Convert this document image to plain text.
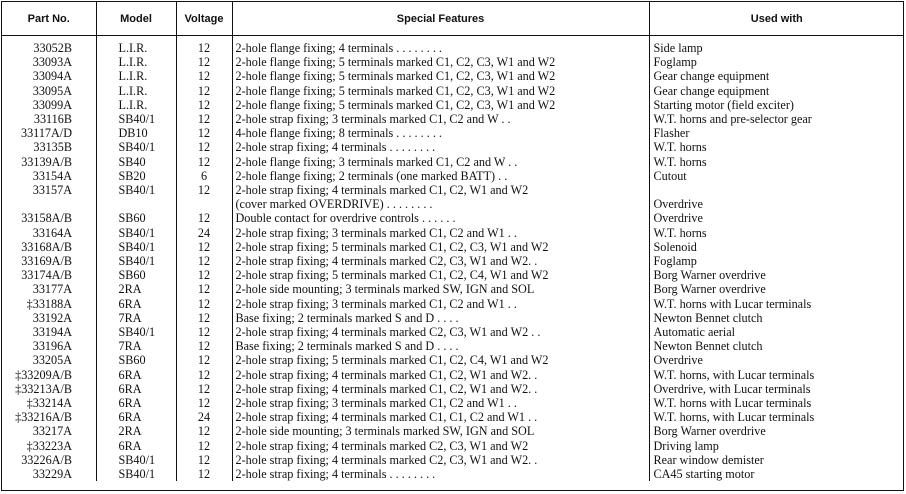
Part No.	Model	Voltage	Special Features	Used with
33052B	L.I.R.	12	2-hole flange fixing; 4 terminals . . . . . . . .	Side lamp
33093A	L.I.R.	12	2-hole flange fixing; 5 terminals marked C1, C2, C3, W1 and W2	Foglamp
33094A	L.I.R.	12	2-hole flange fixing; 5 terminals marked C1, C2, C3, W1 and W2	Gear change equipment
33095A	L.I.R.	12	2-hole flange fixing; 5 terminals marked C1, C2, C3, W1 and W2	Gear change equipment
33099A	L.I.R.	12	2-hole flange fixing; 5 terminals marked C1, C2, C3, W1 and W2	Starting motor (field exciter)
33116B	SB40/1	12	2-hole strap fixing; 3 terminals marked C1, C2 and W . .	W.T. horns and pre-selector gear
33117A/D	DB10	12	4-hole flange fixing; 8 terminals . . . . . . . .	Flasher
33135B	SB40/1	12	2-hole strap fixing; 4 terminals . . . . . . . .	W.T. horns
33139A/B	SB40	12	2-hole flange fixing; 3 terminals marked C1, C2 and W . .	W.T. horns
33154A	SB20	6	2-hole flange fixing; 2 terminals (one marked BATT) . .	Cutout
33157A	SB40/1	12	2-hole strap fixing; 4 terminals marked C1, C2, W1 and W2	
			(cover marked OVERDRIVE) . . . . . . . .	Overdrive
33158A/B	SB60	12	Double contact for overdrive controls . . . . . .	Overdrive
33164A	SB40/1	24	2-hole strap fixing; 3 terminals marked C1, C2 and W1 . .	W.T. horns
33168A/B	SB40/1	12	2-hole strap fixing; 5 terminals marked C1, C2, C3, W1 and W2	Solenoid
33169A/B	SB40/1	12	2-hole strap fixing; 4 terminals marked C2, C3, W1 and W2. .	Foglamp
33174A/B	SB60	12	2-hole strap fixing; 5 terminals marked C1, C2, C4, W1 and W2	Borg Warner overdrive
33177A	2RA	12	2-hole side mounting; 3 terminals marked SW, IGN and SOL	Borg Warner overdrive
‡33188A	6RA	12	2-hole strap fixing; 3 terminals marked C1, C2 and W1 . .	W.T. horns with Lucar terminals
33192A	7RA	12	Base fixing; 2 terminals marked S and D . . . .	Newton Bennet clutch
33194A	SB40/1	12	2-hole strap fixing; 4 terminals marked C2, C3, W1 and W2 . .	Automatic aerial
33196A	7RA	12	Base fixing; 2 terminals marked S and D . . . .	Newton Bennet clutch
33205A	SB60	12	2-hole strap fixing; 5 terminals marked C1, C2, C4, W1 and W2	Overdrive
‡33209A/B	6RA	12	2-hole strap fixing; 4 terminals marked C1, C2, W1 and W2. .	W.T. horns, with Lucar terminals
‡33213A/B	6RA	12	2-hole strap fixing; 4 terminals marked C1, C2, W1 and W2. .	Overdrive, with Lucar terminals
‡33214A	6RA	12	2-hole strap fixing; 3 terminals marked C1, C2 and W1 . .	W.T. horns with Lucar terminals
‡33216A/B	6RA	24	2-hole strap fixing; 4 terminals marked C1, C1, C2 and W1 . .	W.T. horns, with Lucar terminals
33217A	2RA	12	2-hole side mounting; 3 terminals marked SW, IGN and SOL	Borg Warner overdrive
‡33223A	6RA	12	2-hole strap fixing; 4 terminals marked C2, C3, W1 and W2	Driving lamp
33226A/B	SB40/1	12	2-hole strap fixing; 4 terminals marked C2, C3, W1 and W2. .	Rear window demister
33229A	SB40/1	12	2-hole strap fixing; 4 terminals . . . . . . . .	CA45 starting motor
